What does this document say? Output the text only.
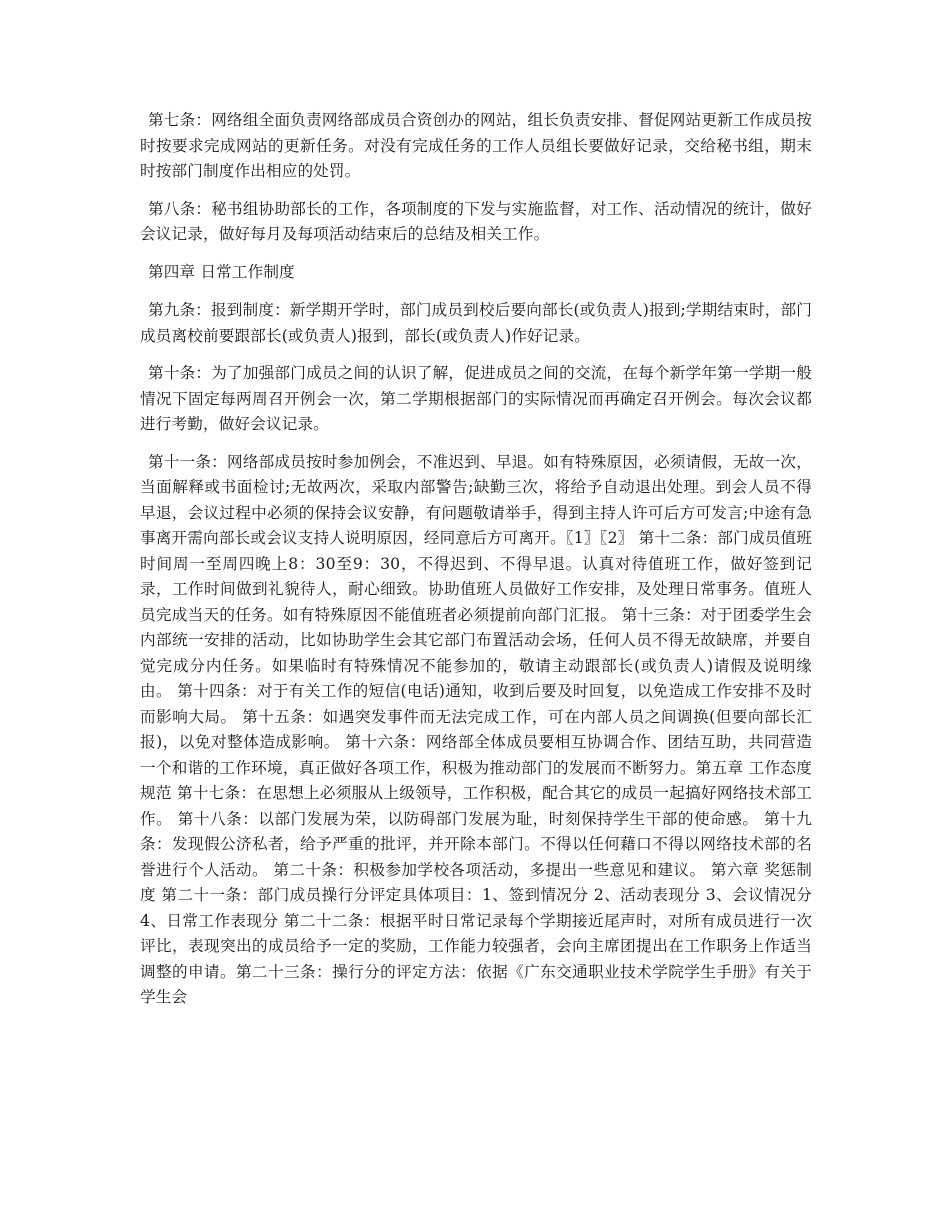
第七条：网络组全面负责网络部成员合资创办的网站，组长负责安排、督促网站更新工作成员按时按要求完成网站的更新任务。对没有完成任务的工作人员组长要做好记录，交给秘书组，期末时按部门制度作出相应的处罚。

第八条：秘书组协助部长的工作，各项制度的下发与实施监督，对工作、活动情况的统计，做好会议记录，做好每月及每项活动结束后的总结及相关工作。

第四章 日常工作制度

第九条：报到制度：新学期开学时，部门成员到校后要向部长(或负责人)报到;学期结束时，部门成员离校前要跟部长(或负责人)报到，部长(或负责人)作好记录。

第十条：为了加强部门成员之间的认识了解，促进成员之间的交流，在每个新学年第一学期一般情况下固定每两周召开例会一次，第二学期根据部门的实际情况而再确定召开例会。每次会议都进行考勤，做好会议记录。

第十一条：网络部成员按时参加例会，不准迟到、早退。如有特殊原因，必须请假，无故一次，当面解释或书面检讨;无故两次，采取内部警告;缺勤三次，将给予自动退出处理。到会人员不得早退，会议过程中必须的保持会议安静，有问题敬请举手，得到主持人许可后方可发言;中途有急事离开需向部长或会议支持人说明原因，经同意后方可离开。〖1〗〖2〗 第十二条：部门成员值班时间周一至周四晚上8：30至9：30，不得迟到、不得早退。认真对待值班工作，做好签到记录，工作时间做到礼貌待人，耐心细致。协助值班人员做好工作安排，及处理日常事务。值班人员完成当天的任务。如有特殊原因不能值班者必须提前向部门汇报。 第十三条：对于团委学生会内部统一安排的活动，比如协助学生会其它部门布置活动会场，任何人员不得无故缺席，并要自觉完成分内任务。如果临时有特殊情况不能参加的，敬请主动跟部长(或负责人)请假及说明缘由。 第十四条：对于有关工作的短信(电话)通知，收到后要及时回复，以免造成工作安排不及时而影响大局。 第十五条：如遇突发事件而无法完成工作，可在内部人员之间调换(但要向部长汇报)，以免对整体造成影响。 第十六条：网络部全体成员要相互协调合作、团结互助，共同营造一个和谐的工作环境，真正做好各项工作，积极为推动部门的发展而不断努力。第五章 工作态度规范 第十七条：在思想上必须服从上级领导，工作积极，配合其它的成员一起搞好网络技术部工作。 第十八条：以部门发展为荣，以防碍部门发展为耻，时刻保持学生干部的使命感。 第十九条：发现假公济私者，给予严重的批评，并开除本部门。不得以任何藉口不得以网络技术部的名誉进行个人活动。 第二十条：积极参加学校各项活动，多提出一些意见和建议。 第六章 奖惩制度 第二十一条：部门成员操行分评定具体项目：1、签到情况分 2、活动表现分 3、会议情况分 4、日常工作表现分 第二十二条：根据平时日常记录每个学期接近尾声时，对所有成员进行一次评比，表现突出的成员给予一定的奖励，工作能力较强者，会向主席团提出在工作职务上作适当调整的申请。第二十三条：操行分的评定方法：依据《广东交通职业技术学院学生手册》有关于学生会
